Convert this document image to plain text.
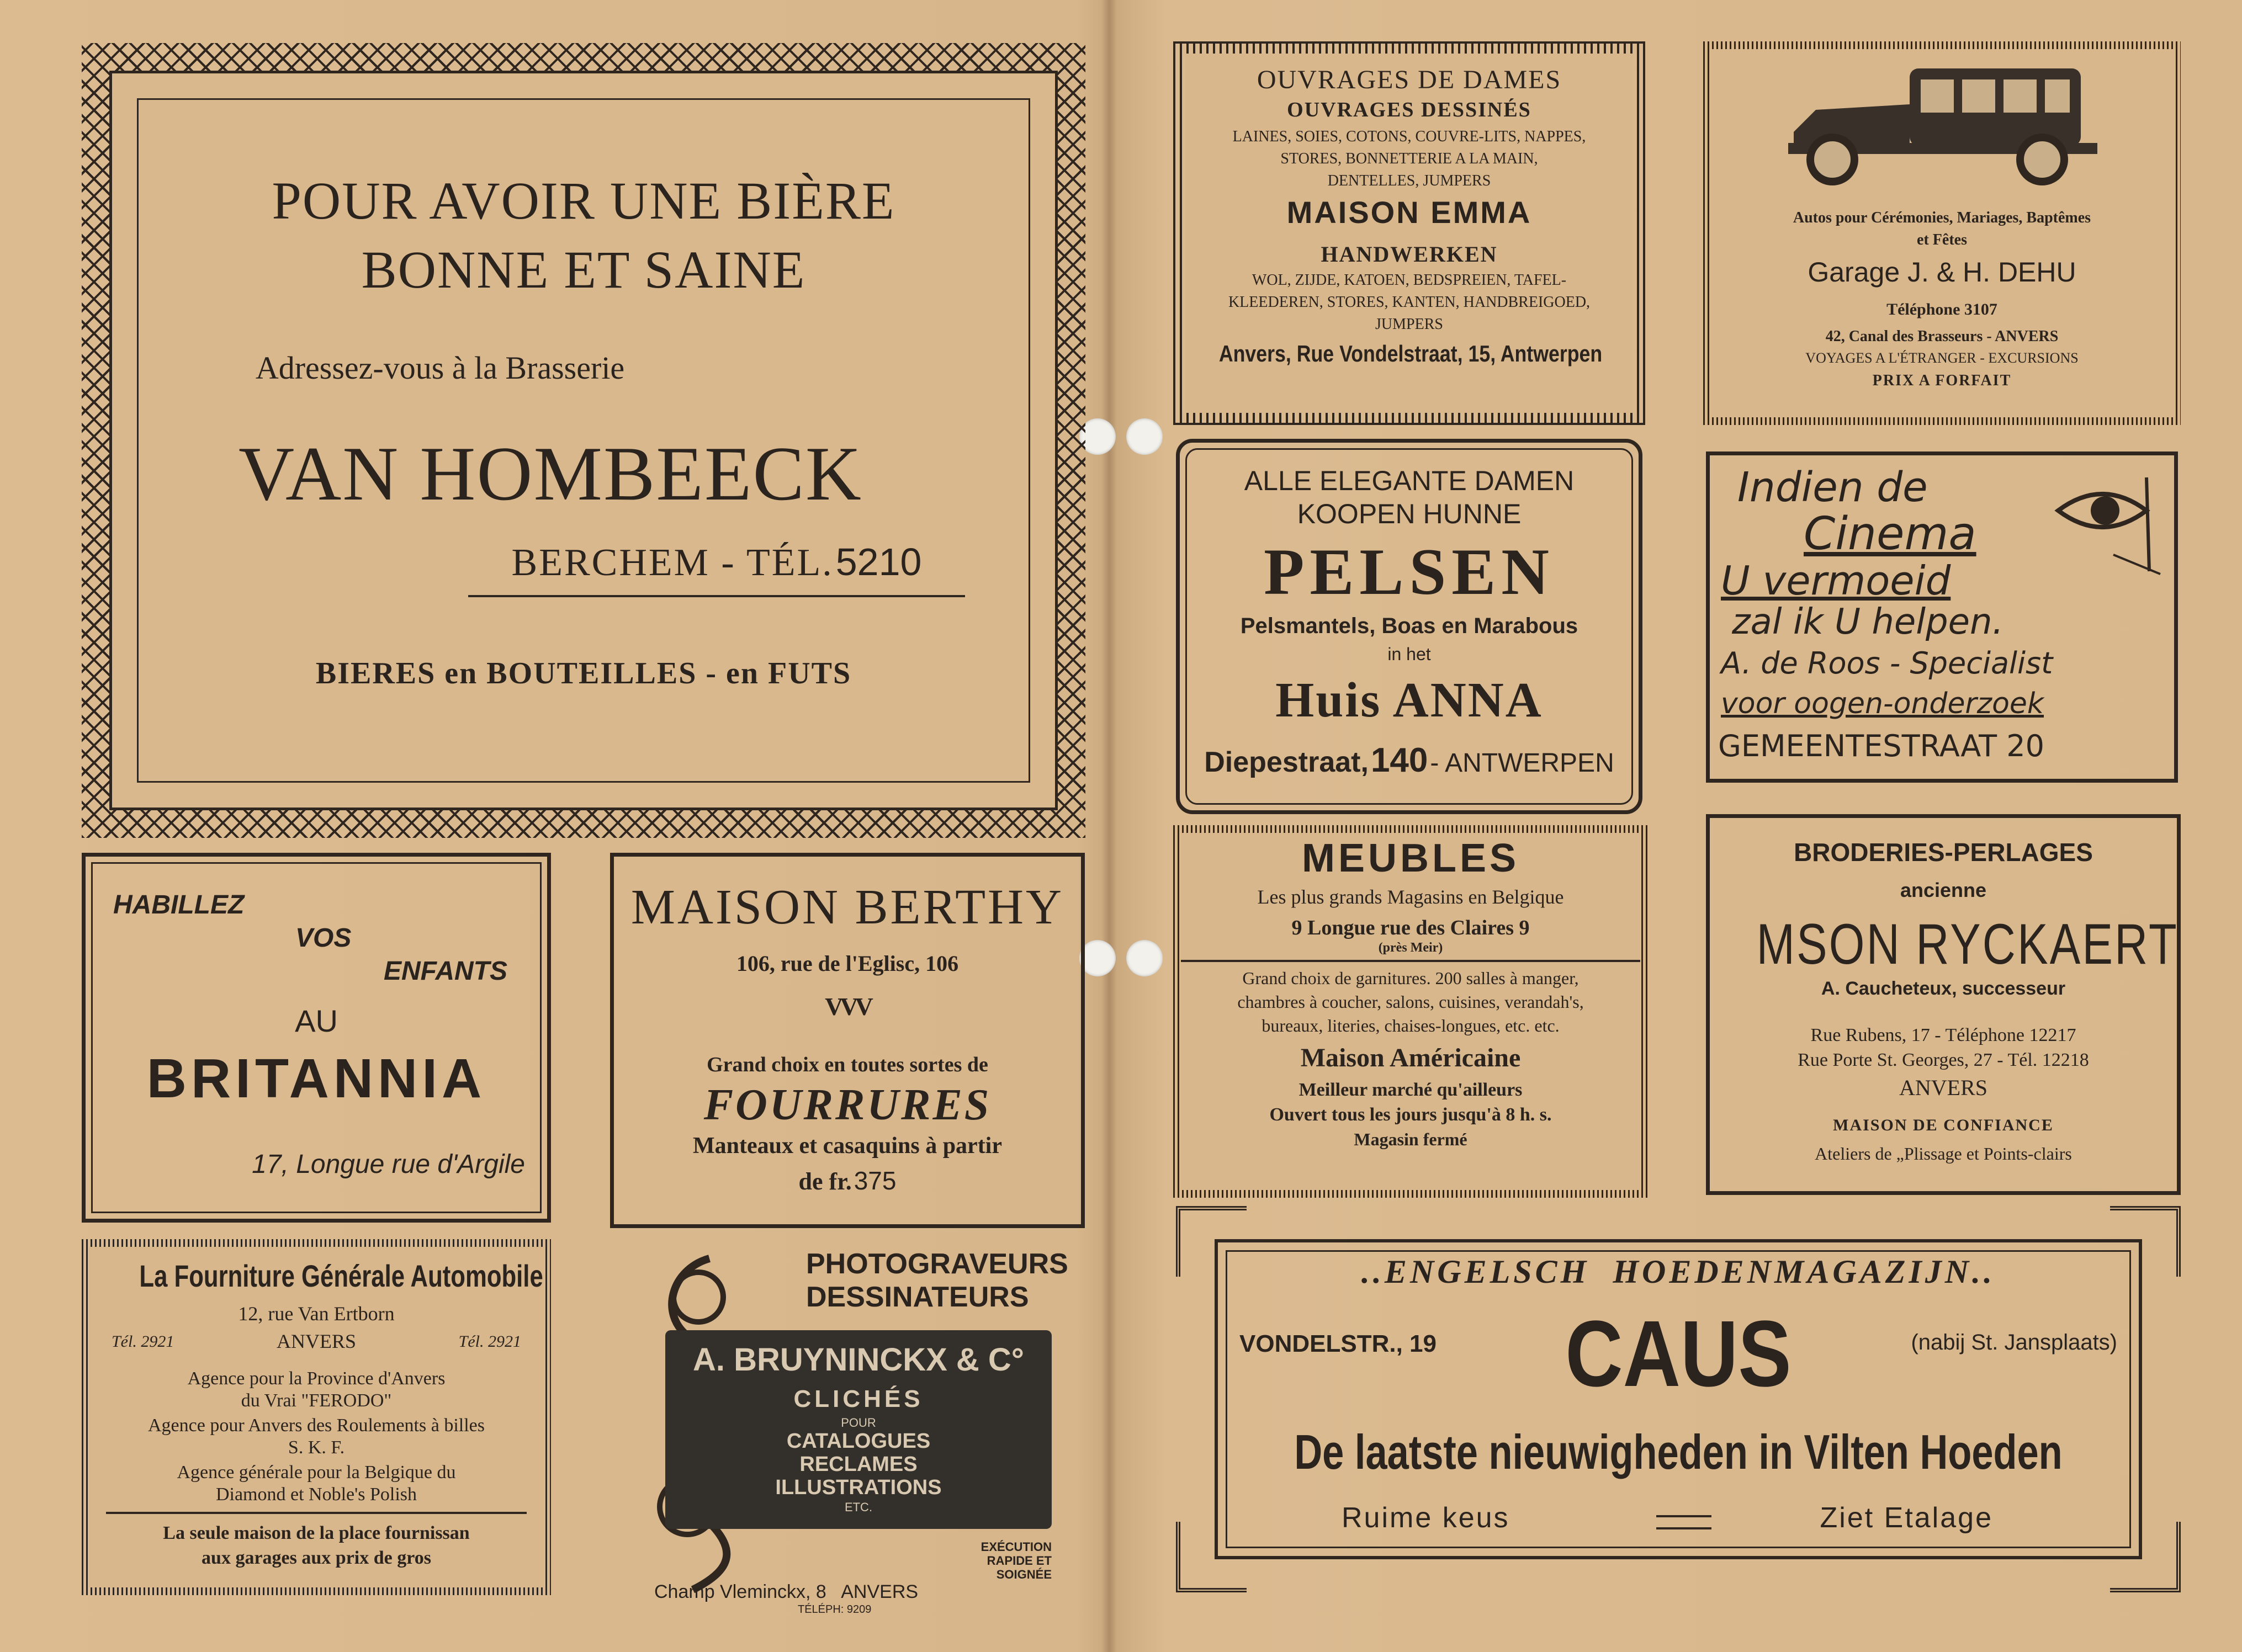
POUR AVOIR UNE BIÈRE
BONNE ET SAINE
Adressez-vous à la Brasserie
VAN HOMBEECK
BERCHEM - TÉL. 5210
BIERES en BOUTEILLES - en FUTS
HABILLEZ
VOS
ENFANTS
AU
BRITANNIA
17, Longue rue d'Argile
MAISON BERTHY
106, rue de l'Eglisc, 106
VVV
Grand choix en toutes sortes de
FOURRURES
Manteaux et casaquins à partir
de fr. 375
La Fourniture Générale Automobile
12, rue Van Ertborn
Tél. 2921	ANVERS	Tél. 2921
Agence pour la Province d'Anvers
du Vrai "FERODO"
Agence pour Anvers des Roulements à billes
S. K. F.
Agence générale pour la Belgique du
Diamond et Noble's Polish
La seule maison de la place fournissan
aux garages aux prix de gros
PHOTOGRAVEURS
DESSINATEURS
A. BRUYNINCKX & C°
CLICHÉS
POUR
CATALOGUES
RECLAMES
ILLUSTRATIONS
ETC.
EXÉCUTION
RAPIDE ET
SOIGNÉE
Champ Vleminckx, 8   ANVERS
TÉLÉPH: 9209
OUVRAGES DE DAMES
OUVRAGES DESSINÉS
LAINES, SOIES, COTONS, COUVRE-LITS, NAPPES,
STORES, BONNETTERIE A LA MAIN,
DENTELLES, JUMPERS
MAISON EMMA
HANDWERKEN
WOL, ZIJDE, KATOEN, BEDSPREIEN, TAFEL-
KLEEDEREN, STORES, KANTEN, HANDBREIGOED,
JUMPERS
Anvers, Rue Vondelstraat, 15, Antwerpen
Autos pour Cérémonies, Mariages, Baptêmes
et Fêtes
Garage J. & H. DEHU
Téléphone 3107
42, Canal des Brasseurs - ANVERS
VOYAGES A L'ÉTRANGER - EXCURSIONS
PRIX A FORFAIT
ALLE ELEGANTE DAMEN
KOOPEN HUNNE
PELSEN
Pelsmantels, Boas en Marabous
in het
Huis ANNA
Diepestraat, 140 - ANTWERPEN
Indien de
Cinema
U vermoeid
zal ik U helpen.
A. de Roos - Specialist
voor oogen-onderzoek
GEMEENTESTRAAT 20
MEUBLES
Les plus grands Magasins en Belgique
9 Longue rue des Claires 9
(près Meir)
Grand choix de garnitures. 200 salles à manger,
chambres à coucher, salons, cuisines, verandah's,
bureaux, literies, chaises-longues, etc. etc.
Maison Américaine
Meilleur marché qu'ailleurs
Ouvert tous les jours jusqu'à 8 h. s.
Magasin fermé
BRODERIES-PERLAGES
ancienne
MSON RYCKAERT
A. Caucheteux, successeur
Rue Rubens, 17 - Téléphone 12217
Rue Porte St. Georges, 27 - Tél. 12218
ANVERS
MAISON DE CONFIANCE
Ateliers de „Plissage et Points-clairs
..ENGELSCH  HOEDENMAGAZIJN..
VONDELSTR., 19	CAUS	(nabij St. Jansplaats)
De laatste nieuwigheden in Vilten Hoeden
Ruime keus	Ziet Etalage
